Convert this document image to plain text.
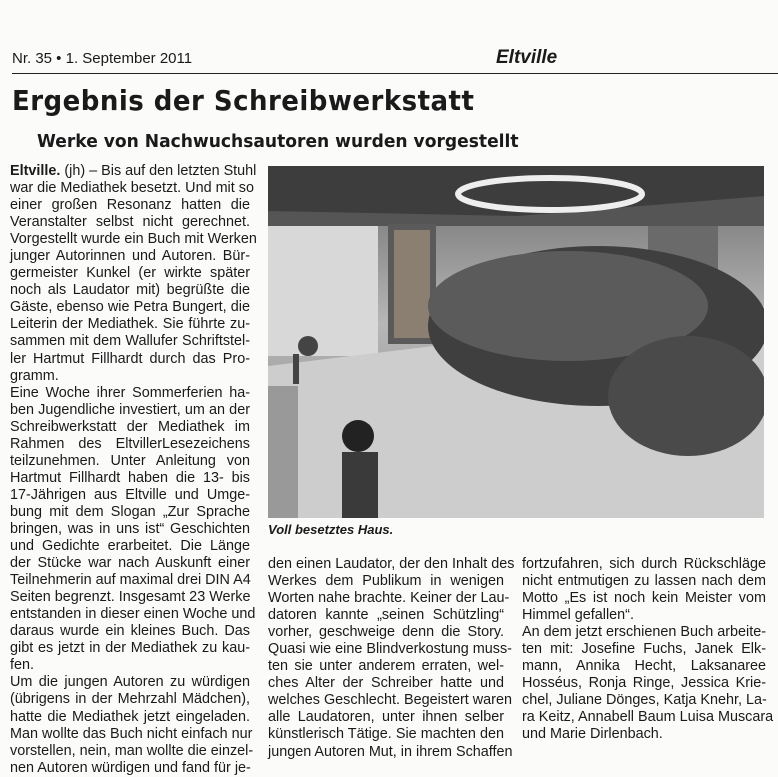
Nr. 35 • 1. September 2011	Eltville
Ergebnis der Schreibwerkstatt
Werke von Nachwuchsautoren wurden vorgestellt

Eltville. (jh) – Bis auf den letzten Stuhl

war die Mediathek besetzt. Und mit so

einer großen Resonanz hatten die

Veranstalter selbst nicht gerechnet.

Vorgestellt wurde ein Buch mit Werken

junger Autorinnen und Autoren. Bür-

germeister Kunkel (er wirkte später

noch als Laudator mit) begrüßte die

Gäste, ebenso wie Petra Bungert, die

Leiterin der Mediathek. Sie führte zu-

sammen mit dem Wallufer Schriftstel-

ler Hartmut Fillhardt durch das Pro-

gramm.

Eine Woche ihrer Sommerferien ha-

ben Jugendliche investiert, um an der

Schreibwerkstatt der Mediathek im

Rahmen des EltvillerLesezeichens

teilzunehmen. Unter Anleitung von

Hartmut Fillhardt haben die 13- bis

17-Jährigen aus Eltville und Umge-

bung mit dem Slogan „Zur Sprache

bringen, was in uns ist“ Geschichten

und Gedichte erarbeitet. Die Länge

der Stücke war nach Auskunft einer

Teilnehmerin auf maximal drei DIN A4

Seiten begrenzt. Insgesamt 23 Werke

entstanden in dieser einen Woche und

daraus wurde ein kleines Buch. Das

gibt es jetzt in der Mediathek zu kau-

fen.

Um die jungen Autoren zu würdigen

(übrigens in der Mehrzahl Mädchen),

hatte die Mediathek jetzt eingeladen.

Man wollte das Buch nicht einfach nur

vorstellen, nein, man wollte die einzel-

nen Autoren würdigen und fand für je-

Voll besetztes Haus.

den einen Laudator, der den Inhalt des

Werkes dem Publikum in wenigen

Worten nahe brachte. Keiner der Lau-

datoren kannte „seinen Schützling“

vorher, geschweige denn die Story.

Quasi wie eine Blindverkostung muss-

ten sie unter anderem erraten, wel-

ches Alter der Schreiber hatte und

welches Geschlecht. Begeistert waren

alle Laudatoren, unter ihnen selber

künstlerisch Tätige. Sie machten den

jungen Autoren Mut, in ihrem Schaffen

fortzufahren, sich durch Rückschläge

nicht entmutigen zu lassen nach dem

Motto „Es ist noch kein Meister vom

Himmel gefallen“.

An dem jetzt erschienen Buch arbeite-

ten mit: Josefine Fuchs, Janek Elk-

mann, Annika Hecht, Laksanaree

Hosséus, Ronja Ringe, Jessica Krie-

chel, Juliane Dönges, Katja Knehr, La-

ra Keitz, Annabell Baum Luisa Muscara

und Marie Dirlenbach.
